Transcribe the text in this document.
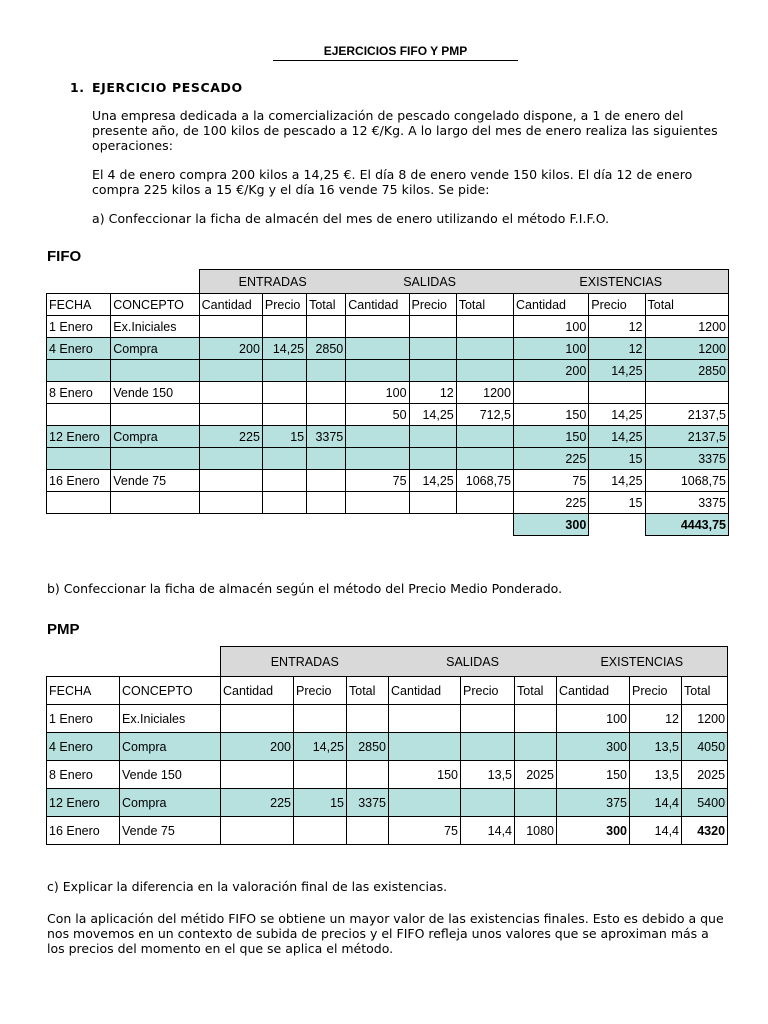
EJERCICIOS FIFO Y PMP
1. EJERCICIO PESCADO
Una empresa dedicada a la comercialización de pescado congelado dispone, a 1 de enero del presente año, de 100 kilos de pescado a 12 €/Kg. A lo largo del mes de enero realiza las siguientes operaciones:
El 4 de enero compra 200 kilos a 14,25 €. El día 8 de enero vende 150 kilos. El día 12 de enero compra 225 kilos a 15 €/Kg y el día 16 vende 75 kilos. Se pide:
a) Confeccionar la ficha de almacén del mes de enero utilizando el método F.I.F.O.
FIFO
		ENTRADAS			SALIDAS			EXISTENCIAS		
FECHA	CONCEPTO	Cantidad	Precio	Total	Cantidad	Precio	Total	Cantidad	Precio	Total
1 Enero	Ex.Iniciales							100	12	1200
4 Enero	Compra	200	14,25	2850				100	12	1200
								200	14,25	2850
8 Enero	Vende 150				100	12	1200			
					50	14,25	712,5	150	14,25	2137,5
12 Enero	Compra	225	15	3375				150	14,25	2137,5
								225	15	3375
16 Enero	Vende 75				75	14,25	1068,75	75	14,25	1068,75
								225	15	3375
								300		4443,75
b) Confeccionar la ficha de almacén según el método del Precio Medio Ponderado.
PMP
		ENTRADAS			SALIDAS			EXISTENCIAS		
FECHA	CONCEPTO	Cantidad	Precio	Total	Cantidad	Precio	Total	Cantidad	Precio	Total
1 Enero	Ex.Iniciales							100	12	1200
4 Enero	Compra	200	14,25	2850				300	13,5	4050
8 Enero	Vende 150				150	13,5	2025	150	13,5	2025
12 Enero	Compra	225	15	3375				375	14,4	5400
16 Enero	Vende 75				75	14,4	1080	300	14,4	4320
c) Explicar la diferencia en la valoración final de las existencias.
Con la aplicación del métido FIFO se obtiene un mayor valor de las existencias finales. Esto es debido a que nos movemos en un contexto de subida de precios y el FIFO refleja unos valores que se aproximan más a los precios del momento en el que se aplica el método.
